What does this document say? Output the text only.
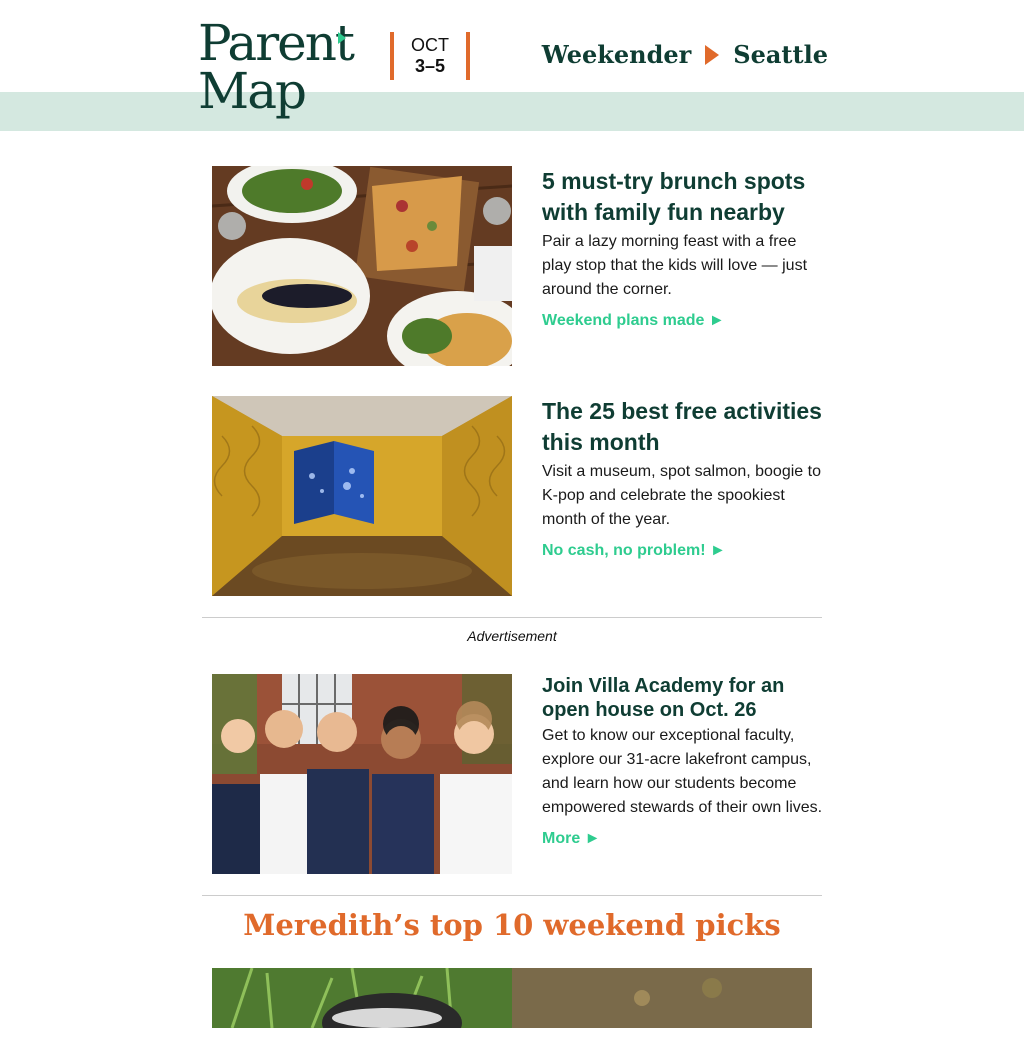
Parent
Map
OCT
3–5	Weekender Seattle

5 must-try brunch spots with family fun nearby

Pair a lazy morning feast with a free play stop that the kids will love — just around the corner.
Weekend plans made ►

The 25 best free activities this month

Visit a museum, spot salmon, boogie to K-pop and celebrate the spookiest month of the year.
No cash, no problem! ►
Advertisement

Join Villa Academy for an open house on Oct. 26

Get to know our exceptional faculty, explore our 31-acre lakefront campus, and learn how our students become empowered stewards of their own lives.
More ►
Meredith’s top 10 weekend picks
